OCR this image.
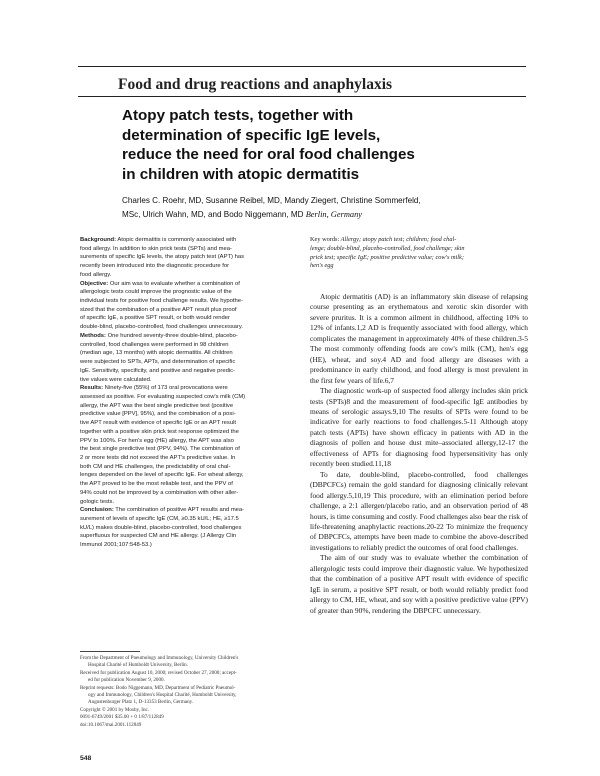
Food and drug reactions and anaphylaxis
Atopy patch tests, together with
determination of specific IgE levels,
reduce the need for oral food challenges
in children with atopic dermatitis
Charles C. Roehr, MD, Susanne Reibel, MD, Mandy Ziegert, Christine Sommerfeld,
MSc, Ulrich Wahn, MD, and Bodo Niggemann, MD Berlin, Germany

Background: Atopic dermatitis is commonly associated with

food allergy. In addition to skin prick tests (SPTs) and mea-

surements of specific IgE levels, the atopy patch test (APT) has

recently been introduced into the diagnostic procedure for

food allergy.

Objective: Our aim was to evaluate whether a combination of

allergologic tests could improve the prognostic value of the

individual tests for positive food challenge results. We hypothe-

sized that the combination of a positive APT result plus proof

of specific IgE, a positive SPT result, or both would render

double-blind, placebo-controlled, food challenges unnecessary.

Methods: One hundred seventy-three double-blind, placebo-

controlled, food challenges were performed in 98 children

(median age, 13 months) with atopic dermatitis. All children

were subjected to SPTs, APTs, and determination of specific

IgE. Sensitivity, specificity, and positive and negative predic-

tive values were calculated.

Results: Ninety-five (55%) of 173 oral provocations were

assessed as positive. For evaluating suspected cow's milk (CM)

allergy, the APT was the best single predictive test (positive

predictive value [PPV], 95%), and the combination of a posi-

tive APT result with evidence of specific IgE or an APT result

together with a positive skin prick test response optimized the

PPV to 100%. For hen's egg (HE) allergy, the APT was also

the best single predictive test (PPV, 94%). The combination of

2 or more tests did not exceed the APT's predictive value. In

both CM and HE challenges, the predictability of oral chal-

lenges depended on the level of specific IgE. For wheat allergy,

the APT proved to be the most reliable test, and the PPV of

94% could not be improved by a combination with other aller-

gologic tests.

Conclusion: The combination of positive APT results and mea-

surement of levels of specific IgE (CM, ≥0.35 kU/L; HE, ≥17.5

kU/L) makes double-blind, placebo-controlled, food challenges

superfluous for suspected CM and HE allergy. (J Allergy Clin

Immunol 2001;107:548-53.)

Key words: Allergy; atopy patch test; children; food chal-
lenge; double-blind, placebo-controlled, food challenge; skin
prick test; specific IgE; positive predictive value; cow's milk;
hen's egg

Atopic dermatitis (AD) is an inflammatory skin disease of relapsing course presenting as an erythematous and xerotic skin disorder with severe pruritus. It is a common ailment in childhood, affecting 10% to 12% of infants.1,2 AD is frequently associated with food allergy, which complicates the management in approximately 40% of these children.3-5 The most commonly offending foods are cow's milk (CM), hen's egg (HE), wheat, and soy.4 AD and food allergy are diseases with a predominance in early childhood, and food allergy is most prevalent in the first few years of life.6,7

The diagnostic work-up of suspected food allergy includes skin prick tests (SPTs)8 and the measurement of food-specific IgE antibodies by means of serologic assays.9,10 The results of SPTs were found to be indicative for early reactions to food challenges.5-11 Although atopy patch tests (APTs) have shown efficacy in patients with AD in the diagnosis of pollen and house dust mite–associated allergy,12-17 the effectiveness of APTs for diagnosing food hypersensitivity has only recently been studied.11,18

To date, double-blind, placebo-controlled, food challenges (DBPCFCs) remain the gold standard for diagnosing clinically relevant food allergy.5,10,19 This procedure, with an elimination period before challenge, a 2:1 allergen/placebo ratio, and an observation period of 48 hours, is time consuming and costly. Food challenges also bear the risk of life-threatening anaphylactic reactions.20-22 To minimize the frequency of DBPCFCs, attempts have been made to combine the above-described investigations to reliably predict the outcomes of oral food challenges.

The aim of our study was to evaluate whether the combination of allergologic tests could improve their diagnostic value. We hypothesized that the combination of a positive APT result with evidence of specific IgE in serum, a positive SPT result, or both would reliably predict food allergy to CM, HE, wheat, and soy with a positive predictive value (PPV) of greater than 90%, rendering the DBPCFC unnecessary.

From the Department of Pneumology and Immunology, University Children's
Hospital Charité of Humboldt University, Berlin.
Received for publication August 10, 2000; revised October 27, 2000; accept-
ed for publication November 9, 2000.
Reprint requests: Bodo Niggemann, MD, Department of Pediatric Pneumol-
ogy and Immunology, Children's Hospital Charité, Humboldt University,
Augustenburger Platz 1, D-13353 Berlin, Germany.
Copyright © 2001 by Mosby, Inc.
0091-6749/2001 $35.00 + 0 1/87/112849
doi:10.1067/mai.2001.112849
548
